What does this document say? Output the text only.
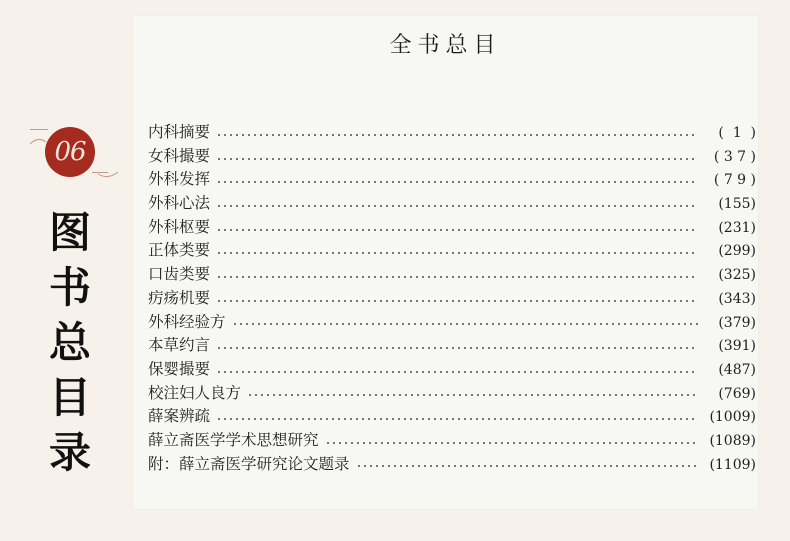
06
图
书
总
目
录
全书总目
内科摘要	(  1  )
女科撮要	( 3 7 )
外科发挥	( 7 9 )
外科心法	(155)
外科枢要	(231)
正体类要	(299)
口齿类要	(325)
疠疡机要	(343)
外科经验方	(379)
本草约言	(391)
保婴撮要	(487)
校注妇人良方	(769)
薛案辨疏	(1009)
薛立斋医学学术思想研究	(1089)
附：薛立斋医学研究论文题录	(1109)
